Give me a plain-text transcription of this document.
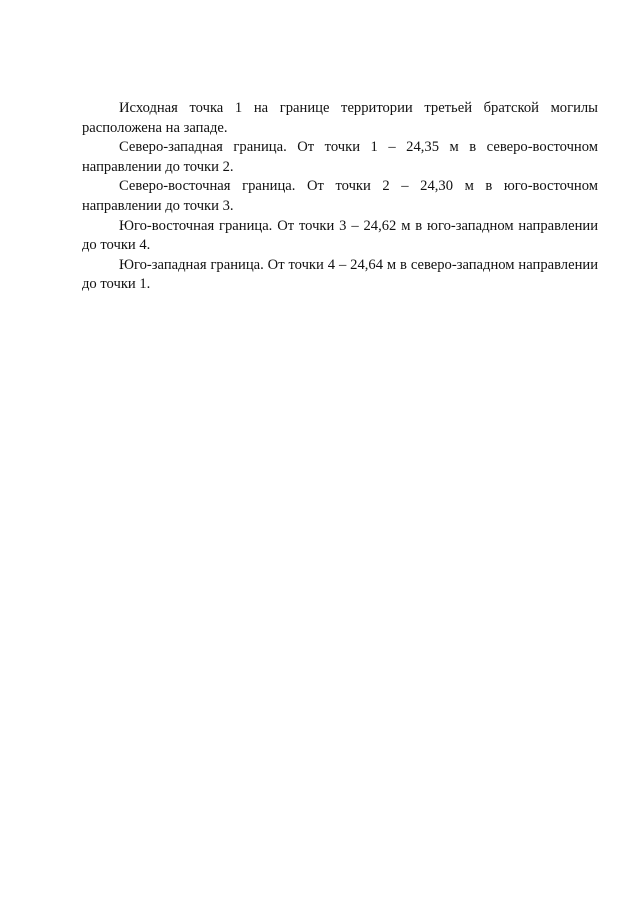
Исходная точка 1 на границе территории третьей братской могилы расположена на западе.

Северо-западная граница. От точки 1 – 24,35 м в северо-восточном направлении до точки 2.

Северо-восточная граница. От точки 2 – 24,30 м в юго-восточном направлении до точки 3.

Юго-восточная граница. От точки 3 – 24,62 м в юго-западном направлении до точки 4.

Юго-западная граница. От точки 4 – 24,64 м в северо-западном направлении до точки 1.
